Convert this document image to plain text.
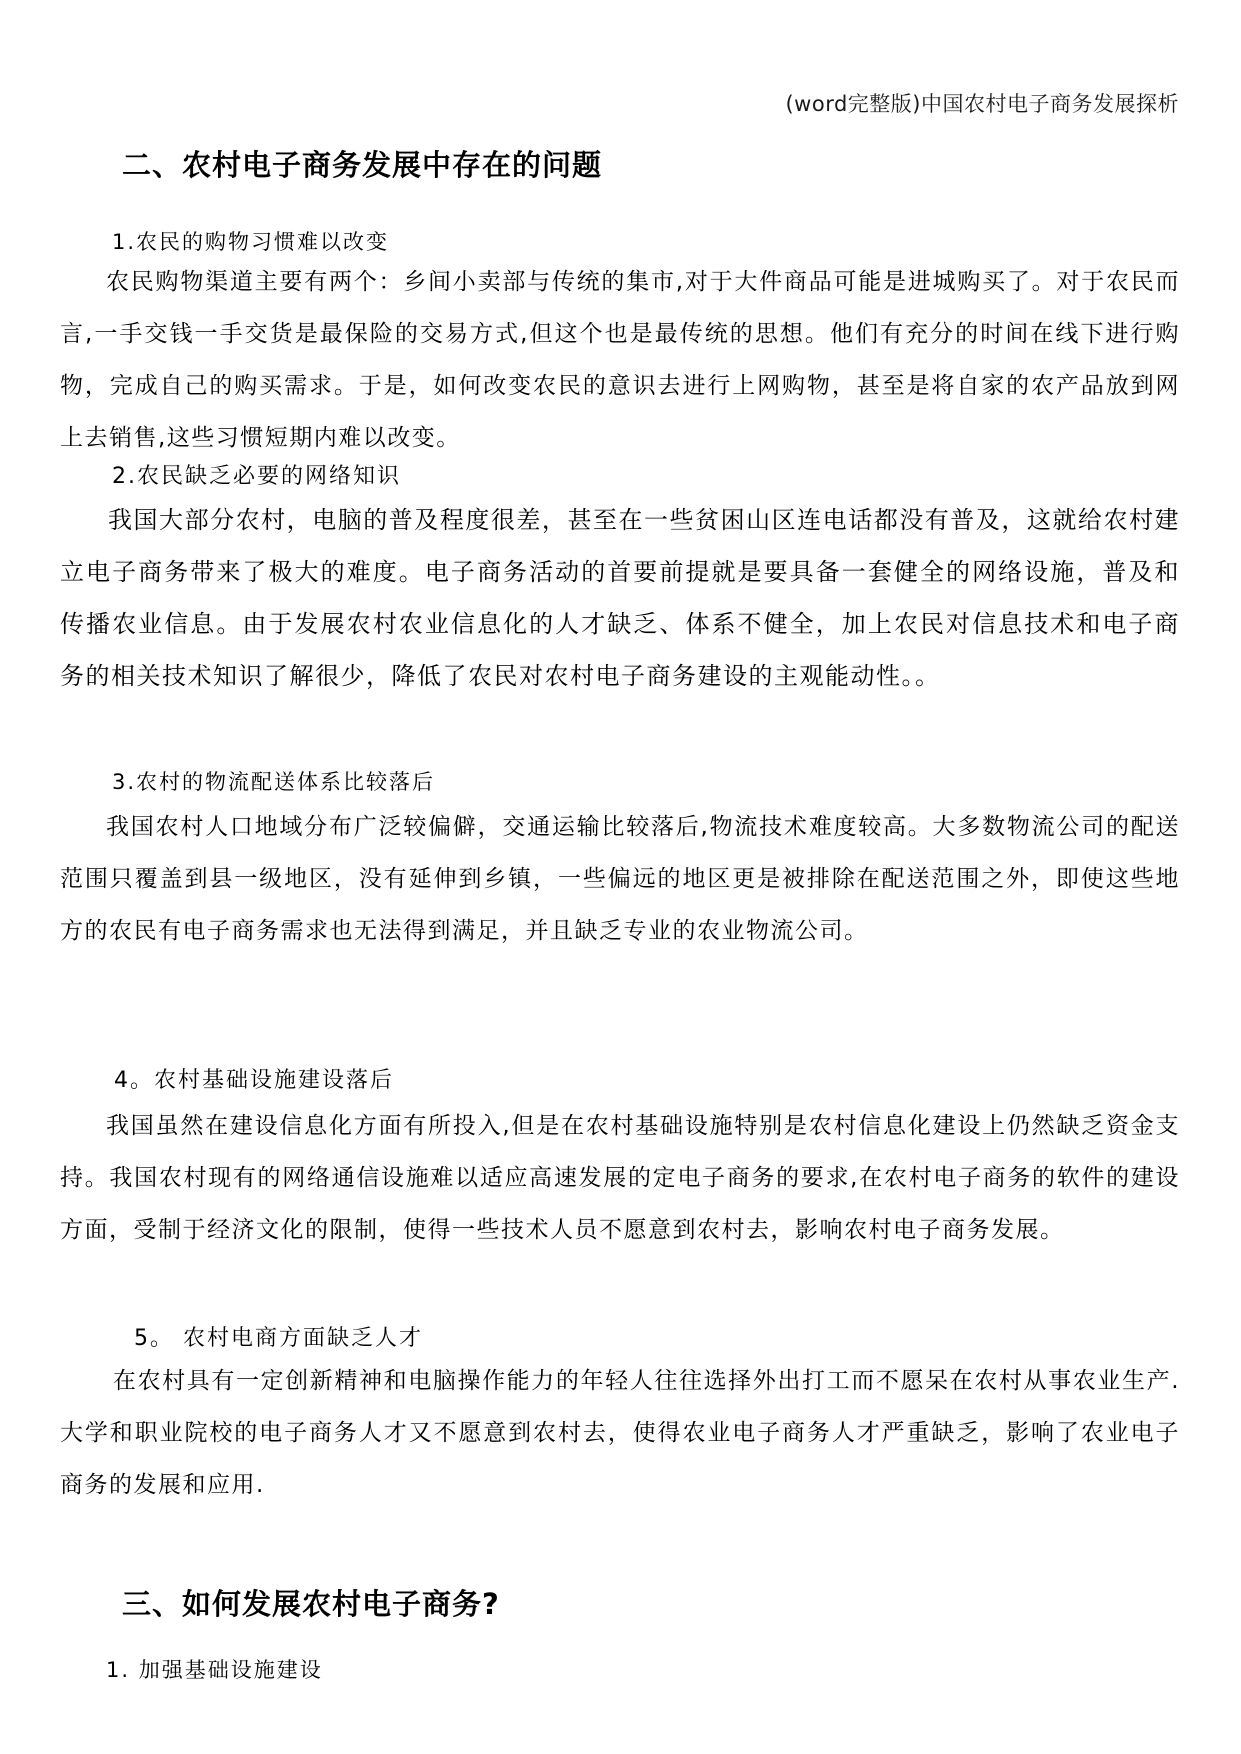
(word完整版)中国农村电子商务发展探析
二、农村电子商务发展中存在的问题
1.农民的购物习惯难以改变

农民购物渠道主要有两个：乡间小卖部与传统的集市,对于大件商品可能是进城购买了。对于农民而言,一手交钱一手交货是最保险的交易方式,但这个也是最传统的思想。他们有充分的时间在线下进行购物，完成自己的购买需求。于是，如何改变农民的意识去进行上网购物，甚至是将自家的农产品放到网上去销售,这些习惯短期内难以改变。

2.农民缺乏必要的网络知识

我国大部分农村，电脑的普及程度很差，甚至在一些贫困山区连电话都没有普及，这就给农村建立电子商务带来了极大的难度。电子商务活动的首要前提就是要具备一套健全的网络设施，普及和传播农业信息。由于发展农村农业信息化的人才缺乏、体系不健全，加上农民对信息技术和电子商务的相关技术知识了解很少，降低了农民对农村电子商务建设的主观能动性。。

3.农村的物流配送体系比较落后

我国农村人口地域分布广泛较偏僻，交通运输比较落后,物流技术难度较高。大多数物流公司的配送范围只覆盖到县一级地区，没有延伸到乡镇，一些偏远的地区更是被排除在配送范围之外，即使这些地方的农民有电子商务需求也无法得到满足，并且缺乏专业的农业物流公司。

4。农村基础设施建设落后

我国虽然在建设信息化方面有所投入,但是在农村基础设施特别是农村信息化建设上仍然缺乏资金支持。我国农村现有的网络通信设施难以适应高速发展的定电子商务的要求,在农村电子商务的软件的建设方面，受制于经济文化的限制，使得一些技术人员不愿意到农村去，影响农村电子商务发展。

5。 农村电商方面缺乏人才

在农村具有一定创新精神和电脑操作能力的年轻人往往选择外出打工而不愿呆在农村从事农业生产. 大学和职业院校的电子商务人才又不愿意到农村去，使得农业电子商务人才严重缺乏，影响了农业电子商务的发展和应用.

三、如何发展农村电子商务?
1. 加强基础设施建设
